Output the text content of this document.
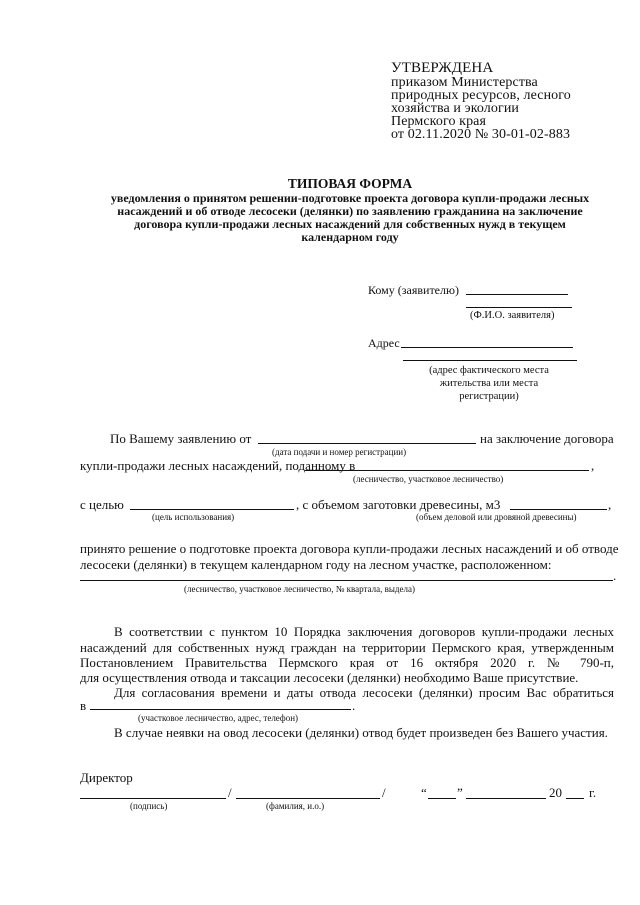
УТВЕРЖДЕНА
приказом Министерства
природных ресурсов, лесного
хозяйства и экологии
Пермского края
от 02.11.2020 № 30-01-02-883
ТИПОВАЯ ФОРМА
уведомления о принятом решении-подготовке проекта договора купли-продажи лесных
насаждений и об отводе лесосеки (делянки) по заявлению гражданина на заключение
договора купли-продажи лесных насаждений для собственных нужд в текущем
календарном году
Кому (заявителю)
(Ф.И.О. заявителя)
Адрес
(адрес фактического места
жительства или места
регистрации)
По Вашему заявлению от	на заключение договора
(дата подачи и номер регистрации)
купли-продажи лесных насаждений, поданному в	,
(лесничество, участковое лесничество)
с целью	, с объемом заготовки древесины, м3	,
(цель использования)	(объем деловой или дровяной древесины)
принято решение о подготовке проекта договора купли-продажи лесных насаждений и об отводе
лесосеки (делянки) в текущем календарном году на лесном участке, расположенном:
.
(лесничество, участковое лесничество, № квартала, выдела)
В соответствии с пунктом 10 Порядка заключения договоров купли-продажи лесных
насаждений для собственных нужд граждан на территории Пермского края, утвержденным
Постановлением Правительства Пермского края от 16 октября 2020 г. № 790-п,
для осуществления отвода и таксации лесосеки (делянки) необходимо Ваше присутствие.
Для согласования времени и даты отвода лесосеки (делянки) просим Вас обратиться
в	.
(участковое лесничество, адрес, телефон)
В случае неявки на овод лесосеки (делянки) отвод будет произведен без Вашего участия.
Директор
/	/	“ ”	20 г.
(подпись)	(фамилия, и.о.)
